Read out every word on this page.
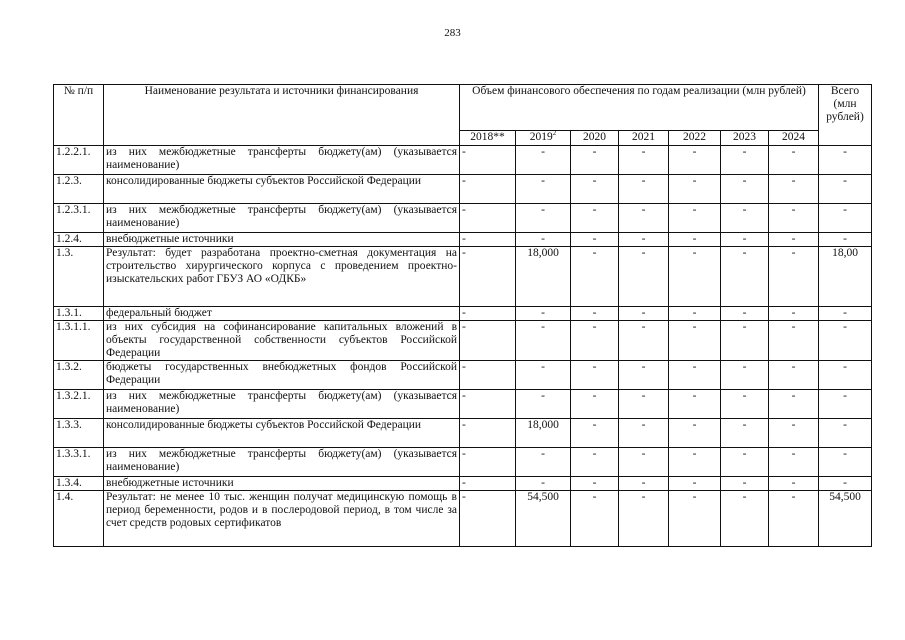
283
№ п/п	Наименование результата и источники финансирования	Объем финансового обеспечения по годам реализации (млн рублей)							Всего (млн рублей)
		2018**	2019$^2$	2020	2021	2022	2023	2024	
1.2.2.1.	из них межбюджетные трансферты бюджету(ам) (указывается наименование)	-	-	-	-	-	-	-	-
1.2.3.	консолидированные бюджеты субъектов Российской Федерации	-	-	-	-	-	-	-	-
1.2.3.1.	из них межбюджетные трансферты бюджету(ам) (указывается наименование)	-	-	-	-	-	-	-	-
1.2.4.	внебюджетные источники	-	-	-	-	-	-	-	-
1.3.	Результат: будет разработана проектно-сметная документация на строительство хирургического корпуса с проведением проектно-изыскательских работ ГБУЗ АО «ОДКБ»	-	18,000	-	-	-	-	-	18,00
1.3.1.	федеральный бюджет	-	-	-	-	-	-	-	-
1.3.1.1.	из них субсидия на софинансирование капитальных вложений в объекты государственной собственности субъектов Российской Федерации	-	-	-	-	-	-	-	-
1.3.2.	бюджеты государственных внебюджетных фондов Российской Федерации	-	-	-	-	-	-	-	-
1.3.2.1.	из них межбюджетные трансферты бюджету(ам) (указывается наименование)	-	-	-	-	-	-	-	-
1.3.3.	консолидированные бюджеты субъектов Российской Федерации	-	18,000	-	-	-	-	-	-
1.3.3.1.	из них межбюджетные трансферты бюджету(ам) (указывается наименование)	-	-	-	-	-	-	-	-
1.3.4.	внебюджетные источники	-	-	-	-	-	-	-	-
1.4.	Результат: не менее 10 тыс. женщин получат медицинскую помощь в период беременности, родов и в послеродовой период, в том числе за счет средств родовых сертификатов	-	54,500	-	-	-	-	-	54,500
